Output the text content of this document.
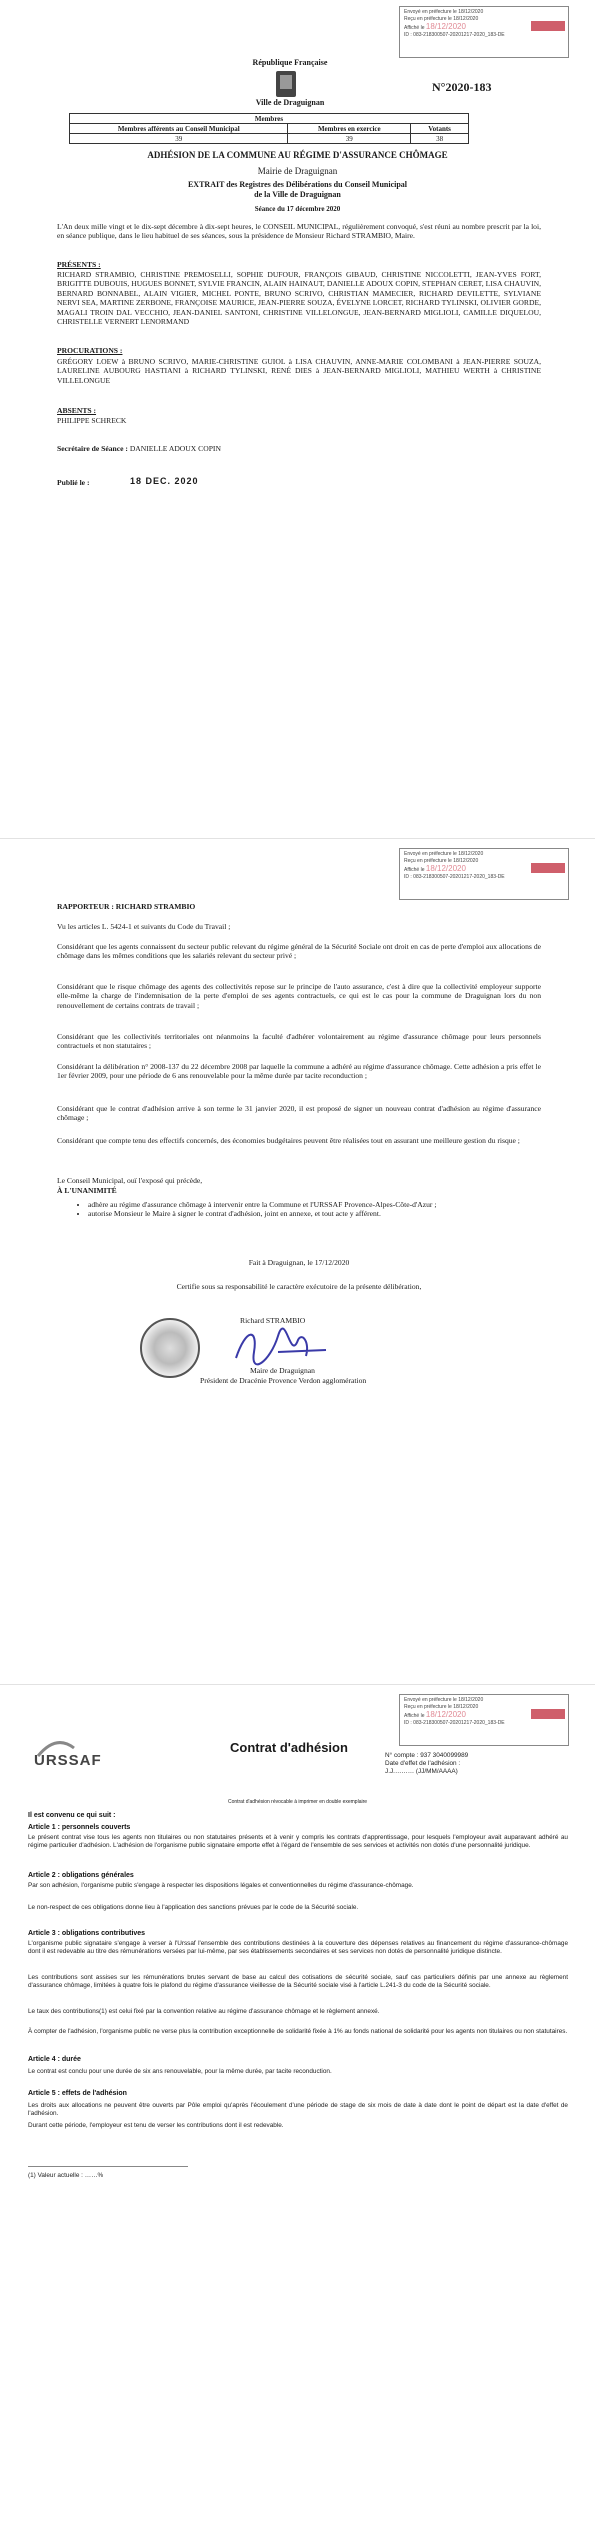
Envoyé en préfecture le 18/12/2020
Reçu en préfecture le 18/12/2020
Affiché le 18/12/2020
ID : 083-218300507-20201217-2020_183-DE
République Française
Ville de Draguignan
N°2020-183
Membres		
Membres afférents au Conseil Municipal	Membres en exercice	Votants
39	39	38
ADHÉSION DE LA COMMUNE AU RÉGIME D'ASSURANCE CHÔMAGE
Mairie de Draguignan
EXTRAIT des Registres des Délibérations du Conseil Municipal
de la Ville de Draguignan
Séance du 17 décembre 2020
L'An deux mille vingt et le dix-sept décembre à dix-sept heures, le CONSEIL MUNICIPAL, régulièrement convoqué, s'est réuni au nombre prescrit par la loi, en séance publique, dans le lieu habituel de ses séances, sous la présidence de Monsieur Richard STRAMBIO, Maire.
PRÉSENTS :
RICHARD STRAMBIO, CHRISTINE PREMOSELLI, SOPHIE DUFOUR, FRANÇOIS GIBAUD, CHRISTINE NICCOLETTI, JEAN-YVES FORT, BRIGITTE DUBOUIS, HUGUES BONNET, SYLVIE FRANCIN, ALAIN HAINAUT, DANIELLE ADOUX COPIN, STEPHAN CERET, LISA CHAUVIN, BERNARD BONNABEL, ALAIN VIGIER, MICHEL PONTE, BRUNO SCRIVO, CHRISTIAN MAMECIER, RICHARD DEVILETTE, SYLVIANE NERVI SEA, MARTINE ZERBONE, FRANÇOISE MAURICE, JEAN-PIERRE SOUZA, ÉVELYNE LORCET, RICHARD TYLINSKI, OLIVIER GORDE, MAGALI TROIN DAL VECCHIO, JEAN-DANIEL SANTONI, CHRISTINE VILLELONGUE, JEAN-BERNARD MIGLIOLI, CAMILLE DIQUELOU, CHRISTELLE VERNERT LENORMAND
PROCURATIONS :
GRÉGORY LOEW à BRUNO SCRIVO, MARIE-CHRISTINE GUIOL à LISA CHAUVIN, ANNE-MARIE COLOMBANI à JEAN-PIERRE SOUZA, LAURELINE AUBOURG HASTIANI à RICHARD TYLINSKI, RENÉ DIES à JEAN-BERNARD MIGLIOLI, MATHIEU WERTH à CHRISTINE VILLELONGUE
ABSENTS :
PHILIPPE SCHRECK
Secrétaire de Séance : DANIELLE ADOUX COPIN
Publié le :	18 DEC. 2020
Envoyé en préfecture le 18/12/2020
Reçu en préfecture le 18/12/2020
Affiché le 18/12/2020
ID : 083-218300507-20201217-2020_183-DE
RAPPORTEUR : RICHARD STRAMBIO
Vu les articles L. 5424-1 et suivants du Code du Travail ;
Considérant que les agents connaissent du secteur public relevant du régime général de la Sécurité Sociale ont droit en cas de perte d'emploi aux allocations de chômage dans les mêmes conditions que les salariés relevant du secteur privé ;
Considérant que le risque chômage des agents des collectivités repose sur le principe de l'auto assurance, c'est à dire que la collectivité employeur supporte elle-même la charge de l'indemnisation de la perte d'emploi de ses agents contractuels, ce qui est le cas pour la commune de Draguignan lors du non renouvellement de certains contrats de travail ;
Considérant que les collectivités territoriales ont néanmoins la faculté d'adhérer volontairement au régime d'assurance chômage pour leurs personnels contractuels et non statutaires ;
Considérant la délibération n° 2008-137 du 22 décembre 2008 par laquelle la commune a adhéré au régime d'assurance chômage. Cette adhésion a pris effet le 1er février 2009, pour une période de 6 ans renouvelable pour la même durée par tacite reconduction ;
Considérant que le contrat d'adhésion arrive à son terme le 31 janvier 2020, il est proposé de signer un nouveau contrat d'adhésion au régime d'assurance chômage ;
Considérant que compte tenu des effectifs concernés, des économies budgétaires peuvent être réalisées tout en assurant une meilleure gestion du risque ;
Le Conseil Municipal, ouï l'exposé qui précède,
À L'UNANIMITÉ
• adhère au régime d'assurance chômage à intervenir entre la Commune et l'URSSAF Provence-Alpes-Côte-d'Azur ;
• autorise Monsieur le Maire à signer le contrat d'adhésion, joint en annexe, et tout acte y afférent.
Fait à Draguignan, le 17/12/2020
Certifie sous sa responsabilité le caractère exécutoire de la présente délibération,
Richard STRAMBIO
Maire de Draguignan
Président de Dracénie Provence Verdon agglomération
Envoyé en préfecture le 18/12/2020
Reçu en préfecture le 18/12/2020
Affiché le 18/12/2020
ID : 083-218300507-20201217-2020_183-DE
URSSAF
Contrat d'adhésion
N° compte : 937 3040099989
Date d'effet de l'adhésion :
J.J.……… (JJ/MM/AAAA)
Contrat d'adhésion révocable à imprimer en double exemplaire
Il est convenu ce qui suit :
Article 1 : personnels couverts
Le présent contrat vise tous les agents non titulaires ou non statutaires présents et à venir y compris les contrats d'apprentissage, pour lesquels l'employeur avait auparavant adhéré au régime particulier d'adhésion. L'adhésion de l'organisme public signataire emporte effet à l'égard de l'ensemble de ses services et activités non dotés d'une personnalité juridique.
Article 2 : obligations générales
Par son adhésion, l'organisme public s'engage à respecter les dispositions légales et conventionnelles du régime d'assurance-chômage.
Le non-respect de ces obligations donne lieu à l'application des sanctions prévues par le code de la Sécurité sociale.
Article 3 : obligations contributives
L'organisme public signataire s'engage à verser à l'Urssaf l'ensemble des contributions destinées à la couverture des dépenses relatives au financement du régime d'assurance-chômage dont il est redevable au titre des rémunérations versées par lui-même, par ses établissements secondaires et ses services non dotés de personnalité juridique distincte.
Les contributions sont assises sur les rémunérations brutes servant de base au calcul des cotisations de sécurité sociale, sauf cas particuliers définis par une annexe au règlement d'assurance chômage, limitées à quatre fois le plafond du régime d'assurance vieillesse de la Sécurité sociale visé à l'article L.241-3 du code de la Sécurité sociale.
Le taux des contributions(1) est celui fixé par la convention relative au régime d'assurance chômage et le règlement annexé.
À compter de l'adhésion, l'organisme public ne verse plus la contribution exceptionnelle de solidarité fixée à 1% au fonds national de solidarité pour les agents non titulaires ou non statutaires.
Article 4 : durée
Le contrat est conclu pour une durée de six ans renouvelable, pour la même durée, par tacite reconduction.
Article 5 : effets de l'adhésion
Les droits aux allocations ne peuvent être ouverts par Pôle emploi qu'après l'écoulement d'une période de stage de six mois de date à date dont le point de départ est la date d'effet de l'adhésion.
Durant cette période, l'employeur est tenu de verser les contributions dont il est redevable.
(1) Valeur actuelle : ……%
